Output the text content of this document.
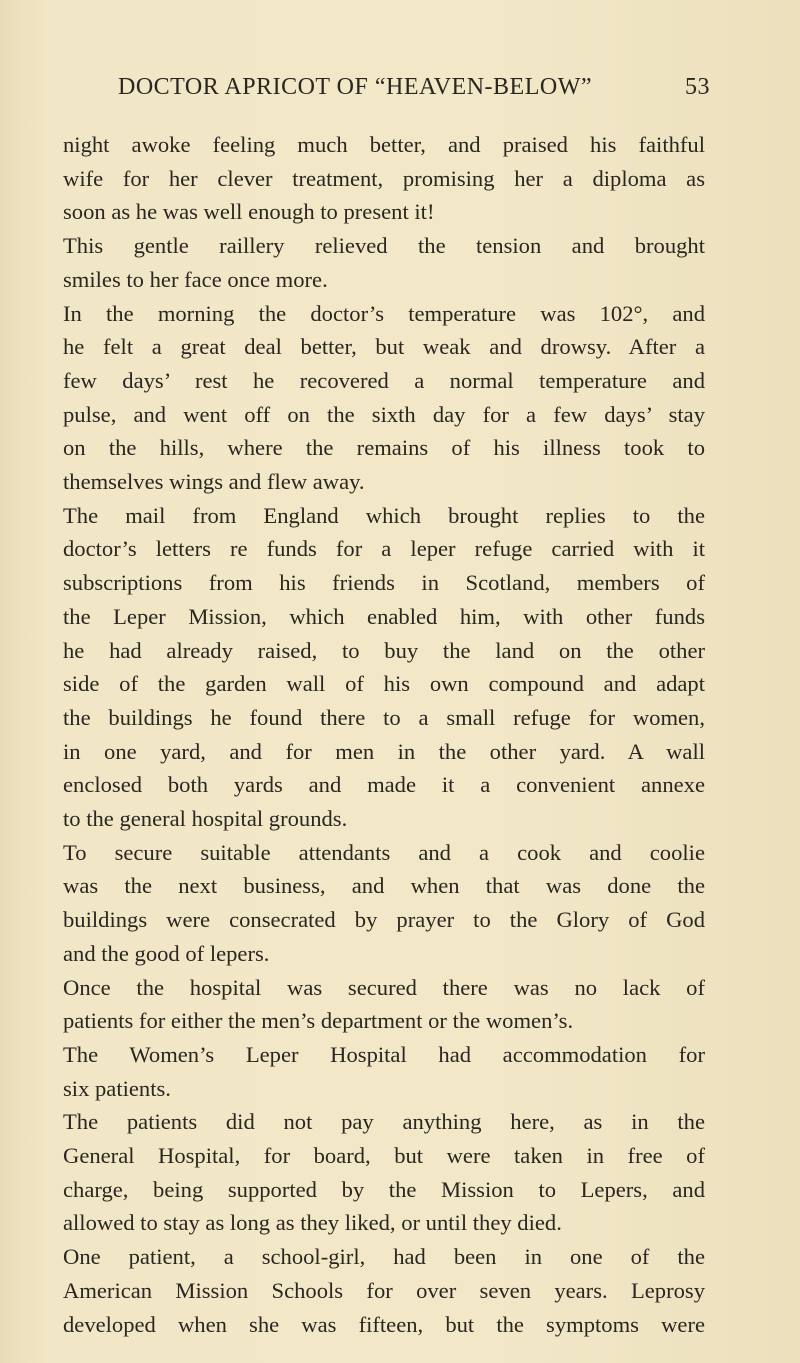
DOCTOR APRICOT OF “HEAVEN-BELOW”	53
night awoke feeling much better, and praised his faithful
wife for her clever treatment, promising her a diploma as
soon as he was well enough to present it!
This gentle raillery relieved the tension and brought
smiles to her face once more.
In the morning the doctor’s temperature was 102°, and
he felt a great deal better, but weak and drowsy. After a
few days’ rest he recovered a normal temperature and
pulse, and went off on the sixth day for a few days’ stay
on the hills, where the remains of his illness took to
themselves wings and flew away.
The mail from England which brought replies to the
doctor’s letters re funds for a leper refuge carried with it
subscriptions from his friends in Scotland, members of
the Leper Mission, which enabled him, with other funds
he had already raised, to buy the land on the other
side of the garden wall of his own compound and adapt
the buildings he found there to a small refuge for women,
in one yard, and for men in the other yard. A wall
enclosed both yards and made it a convenient annexe
to the general hospital grounds.
To secure suitable attendants and a cook and coolie
was the next business, and when that was done the
buildings were consecrated by prayer to the Glory of God
and the good of lepers.
Once the hospital was secured there was no lack of
patients for either the men’s department or the women’s.
The Women’s Leper Hospital had accommodation for
six patients.
The patients did not pay anything here, as in the
General Hospital, for board, but were taken in free of
charge, being supported by the Mission to Lepers, and
allowed to stay as long as they liked, or until they died.
One patient, a school-girl, had been in one of the
American Mission Schools for over seven years. Leprosy
developed when she was fifteen, but the symptoms were
